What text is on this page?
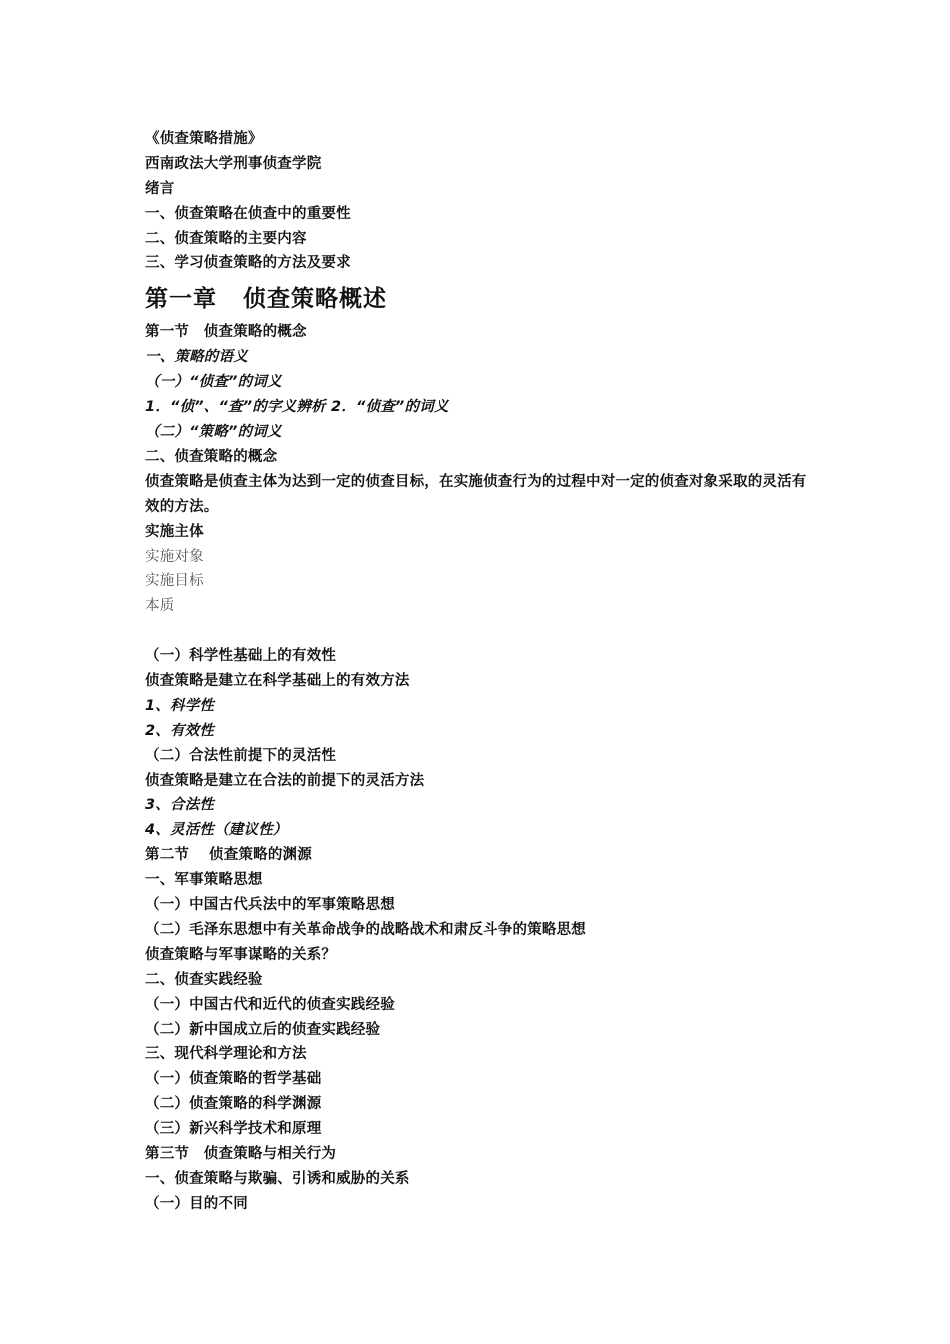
《侦查策略措施》
西南政法大学刑事侦查学院
绪言
一、侦查策略在侦查中的重要性
二、侦查策略的主要内容
三、学习侦查策略的方法及要求
第一章 侦查策略概述
第一节　侦查策略的概念
一、策略的语义
（一）“侦查”的词义
1．“侦”、“查”的字义辨析 2．“侦查”的词义
（二）“策略”的词义
二、侦查策略的概念
侦查策略是侦查主体为达到一定的侦查目标，在实施侦查行为的过程中对一定的侦查对象采取的灵活有效的方法。
实施主体
实施对象
实施目标
本质
（一）科学性基础上的有效性
侦查策略是建立在科学基础上的有效方法
1、科学性
2、有效性
（二）合法性前提下的灵活性
侦查策略是建立在合法的前提下的灵活方法
3、合法性
4、灵活性（建议性）
第二节　 侦查策略的渊源
一、军事策略思想
（一）中国古代兵法中的军事策略思想
（二）毛泽东思想中有关革命战争的战略战术和肃反斗争的策略思想
侦查策略与军事谋略的关系？
二、侦查实践经验
（一）中国古代和近代的侦查实践经验
（二）新中国成立后的侦查实践经验
三、现代科学理论和方法
（一）侦查策略的哲学基础
（二）侦查策略的科学渊源
（三）新兴科学技术和原理
第三节　侦查策略与相关行为
一、侦查策略与欺骗、引诱和威胁的关系
（一）目的不同
